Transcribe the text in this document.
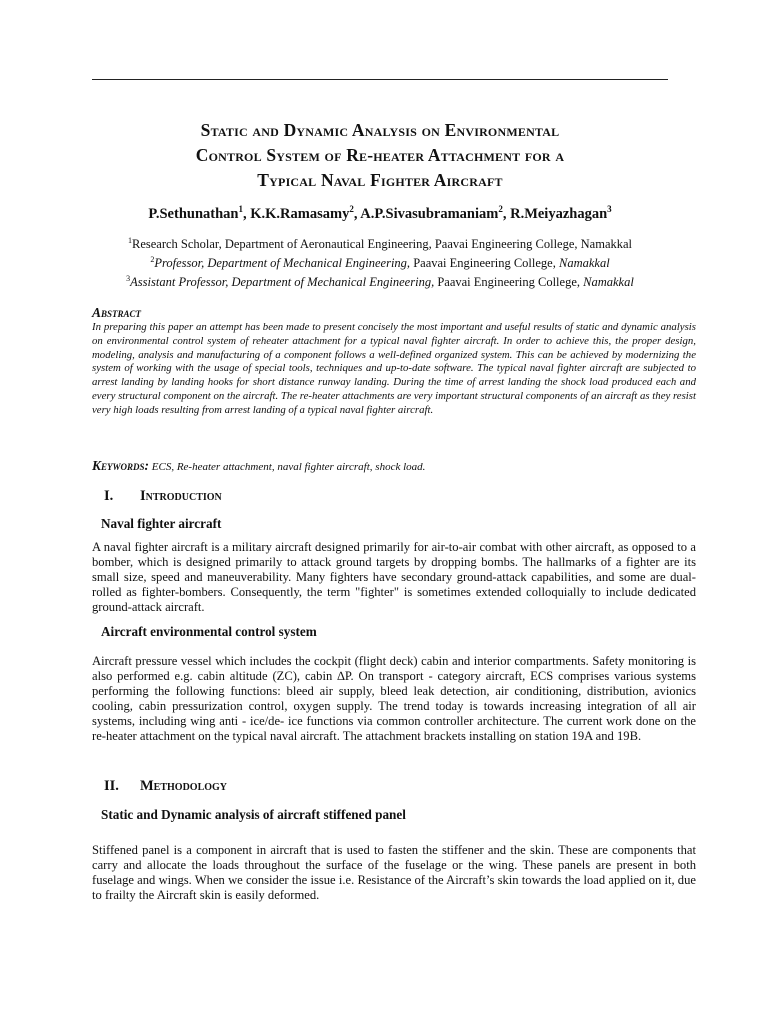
Static and Dynamic Analysis on Environmental
Control System of Re-heater Attachment for a
Typical Naval Fighter Aircraft
P.Sethunathan$^1$, K.K.Ramasamy$^2$, A.P.Sivasubramaniam$^2$, R.Meiyazhagan$^3$
$^1$Research Scholar, Department of Aeronautical Engineering, Paavai Engineering College, Namakkal
$^2$Professor, Department of Mechanical Engineering, Paavai Engineering College, Namakkal
$^3$Assistant Professor, Department of Mechanical Engineering, Paavai Engineering College, Namakkal
Abstract
In preparing this paper an attempt has been made to present concisely the most important and useful results of static and dynamic analysis on environmental control system of reheater attachment for a typical naval fighter aircraft. In order to achieve this, the proper design, modeling, analysis and manufacturing of a component follows a well-defined organized system. This can be achieved by modernizing the system of working with the usage of special tools, techniques and up-to-date software. The typical naval fighter aircraft are subjected to arrest landing by landing hooks for short distance runway landing. During the time of arrest landing the shock load produced each and every structural component on the aircraft. The re-heater attachments are very important structural components of an aircraft as they resist very high loads resulting from arrest landing of a typical naval fighter aircraft.
Keywords: ECS, Re-heater attachment, naval fighter aircraft, shock load.
I. Introduction
Naval fighter aircraft
A naval fighter aircraft is a military aircraft designed primarily for air-to-air combat with other aircraft, as opposed to a bomber, which is designed primarily to attack ground targets by dropping bombs. The hallmarks of a fighter are its small size, speed and maneuverability. Many fighters have secondary ground-attack capabilities, and some are dual-rolled as fighter-bombers. Consequently, the term "fighter" is sometimes extended colloquially to include dedicated ground-attack aircraft.
Aircraft environmental control system
Aircraft pressure vessel which includes the cockpit (flight deck) cabin and interior compartments. Safety monitoring is also performed e.g. cabin altitude (ZC), cabin ∆P. On transport - category aircraft, ECS comprises various systems performing the following functions: bleed air supply, bleed leak detection, air conditioning, distribution, avionics cooling, cabin pressurization control, oxygen supply. The trend today is towards increasing integration of all air systems, including wing anti - ice/de- ice functions via common controller architecture. The current work done on the re-heater attachment on the typical naval aircraft. The attachment brackets installing on station 19A and 19B.
II. Methodology
Static and Dynamic analysis of aircraft stiffened panel
Stiffened panel is a component in aircraft that is used to fasten the stiffener and the skin. These are components that carry and allocate the loads throughout the surface of the fuselage or the wing. These panels are present in both fuselage and wings. When we consider the issue i.e. Resistance of the Aircraft’s skin towards the load applied on it, due to frailty the Aircraft skin is easily deformed.
